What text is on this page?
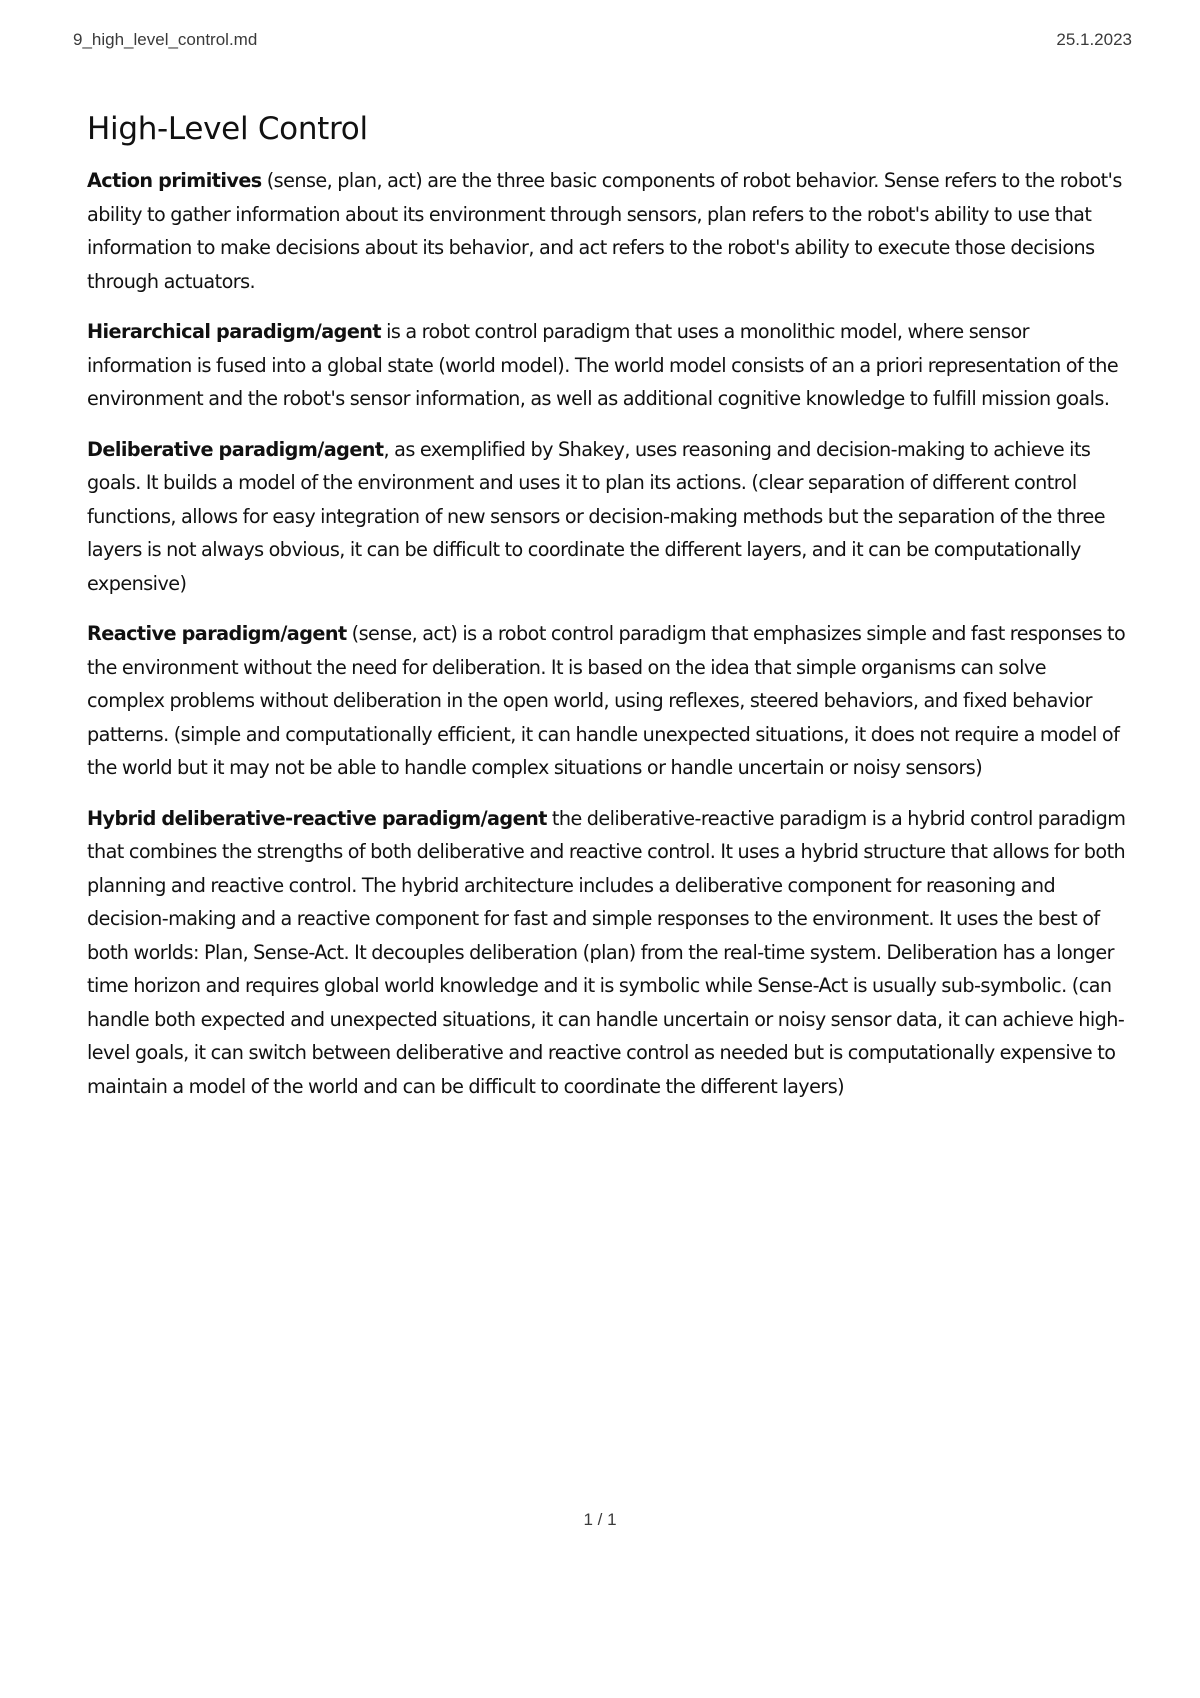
9_high_level_control.md	25.1.2023
High-Level Control

Action primitives (sense, plan, act) are the three basic components of robot behavior. Sense refers to the robot's ability to gather information about its environment through sensors, plan refers to the robot's ability to use that information to make decisions about its behavior, and act refers to the robot's ability to execute those decisions through actuators.

Hierarchical paradigm/agent is a robot control paradigm that uses a monolithic model, where sensor information is fused into a global state (world model). The world model consists of an a priori representation of the environment and the robot's sensor information, as well as additional cognitive knowledge to fulfill mission goals.

Deliberative paradigm/agent, as exemplified by Shakey, uses reasoning and decision-making to achieve its goals. It builds a model of the environment and uses it to plan its actions. (clear separation of different control functions, allows for easy integration of new sensors or decision-making methods but the separation of the three layers is not always obvious, it can be difficult to coordinate the different layers, and it can be computationally expensive)

Reactive paradigm/agent (sense, act) is a robot control paradigm that emphasizes simple and fast responses to the environment without the need for deliberation. It is based on the idea that simple organisms can solve complex problems without deliberation in the open world, using reflexes, steered behaviors, and fixed behavior patterns. (simple and computationally efficient, it can handle unexpected situations, it does not require a model of the world but it may not be able to handle complex situations or handle uncertain or noisy sensors)

Hybrid deliberative-reactive paradigm/agent the deliberative-reactive paradigm is a hybrid control paradigm that combines the strengths of both deliberative and reactive control. It uses a hybrid structure that allows for both planning and reactive control. The hybrid architecture includes a deliberative component for reasoning and decision-making and a reactive component for fast and simple responses to the environment. It uses the best of both worlds: Plan, Sense-Act. It decouples deliberation (plan) from the real-time system. Deliberation has a longer time horizon and requires global world knowledge and it is symbolic while Sense-Act is usually sub-symbolic. (can handle both expected and unexpected situations, it can handle uncertain or noisy sensor data, it can achieve high-level goals, it can switch between deliberative and reactive control as needed but is computationally expensive to maintain a model of the world and can be difficult to coordinate the different layers)

1 / 1
